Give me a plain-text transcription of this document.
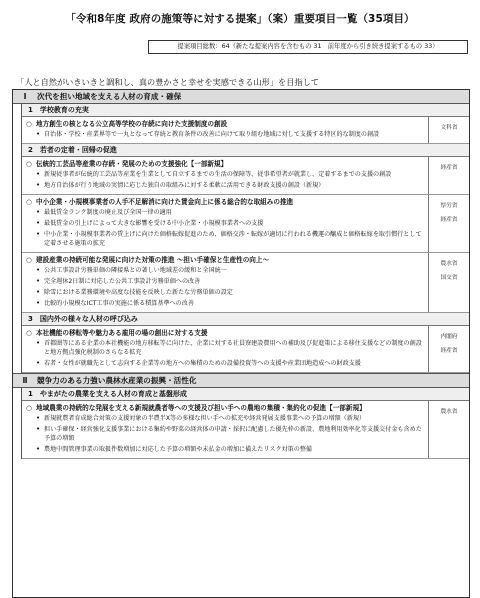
「令和8年度 政府の施策等に対する提案」（案）重要項目一覧（35項目）
提案項目総数：64（新たな提案内容を含むもの 31　前年度から引き続き提案するもの 33）
「人と自然がいきいきと調和し、真の豊かさと幸せを実感できる山形」を目指して
Ⅰ 次代を担い地域を支える人材の育成・確保
1　学校教育の充実
○ 地方創生の核となる公立高等学校の存続に向けた支援制度の創設
• 自治体・学校・産業界等で一丸となって存続と教育条件の改善に向けて取り組む地域に対して支援する特区的な制度の創設
文科省
2　若者の定着・回帰の促進
○ 伝統的工芸品等産業の存続・発展のための支援強化【一部新規】
• 新規従事者が伝統的工芸品等産業を生業として自立するまでの生活の保障等、従事希望者が就業し、定着するまでの支援の創設
• 地方自治体が行う地域の実情に応じた独自の取組みに対する柔軟に活用できる財政支援の創設（新規）
経産省
○ 中小企業・小規模事業者の人手不足解消に向けた賃金向上に係る総合的な取組みの推進
• 最低賃金ランク制度の廃止及び全国一律の適用
• 最低賃金の引上げによって大きな影響を受ける中小企業・小規模事業者への支援
• 中小企業・小規模事業者の賃上げに向けた価格転嫁促進のため、価格交渉・転嫁が適切に行われる機運の醸成と価格転嫁を取引慣行として定着させる施策の拡充
厚労省
経産省
○ 建設産業の持続可能な発展に向けた対策の推進 ～担い手確保と生産性の向上～
• 公共工事設計労務単価の隣接県との著しい地域差の緩和と全国統一
• 完全週休2日制に対応した公共工事設計労務単価への改善
• 除雪における業務環境や高度な技能を反映した新たな労務単価の設定
• 比較的小規模なICT工事の実施に係る積算基準への改善
農水省
国交省
3　国内外の様々な人材の呼び込み
○ 本社機能の移転等や魅力ある雇用の場の創出に対する支援
• 首都圏等にある企業の本社機能の地方移転等に向けた、企業に対する社員寮建設費用への補助及び促進策による移住支援などの制度の創設と地方拠点強化税制のさらなる拡充
• 若者・女性が就職先として志向する企業等の地方への集積のための設備投資等への支援や産業団地造成への財政支援
内閣府
経産省
Ⅱ 競争力のある力強い農林水産業の振興・活性化
1　やまがたの農業を支える人材の育成と基盤形成
○ 地域農業の持続的な発展を支える新規就農者等への支援及び担い手への農地の集積・集約化の促進【一部新規】
• 新規就農者育成総合対策の支援対象の半農半X等の多様な担い手への拡充や経営発展支援事業への予算の増額（新規）
• 担い手確保・経営強化支援事業における集約や野菜の経営体の申請・採択に配慮した優先枠の新設、農地利用効率化等支援交付金も含めた予算の増額
• 農地中間管理事業の取扱件数増加に対応した予算の増額や未払金の増加に備えたリスク対策の整備
農水省
